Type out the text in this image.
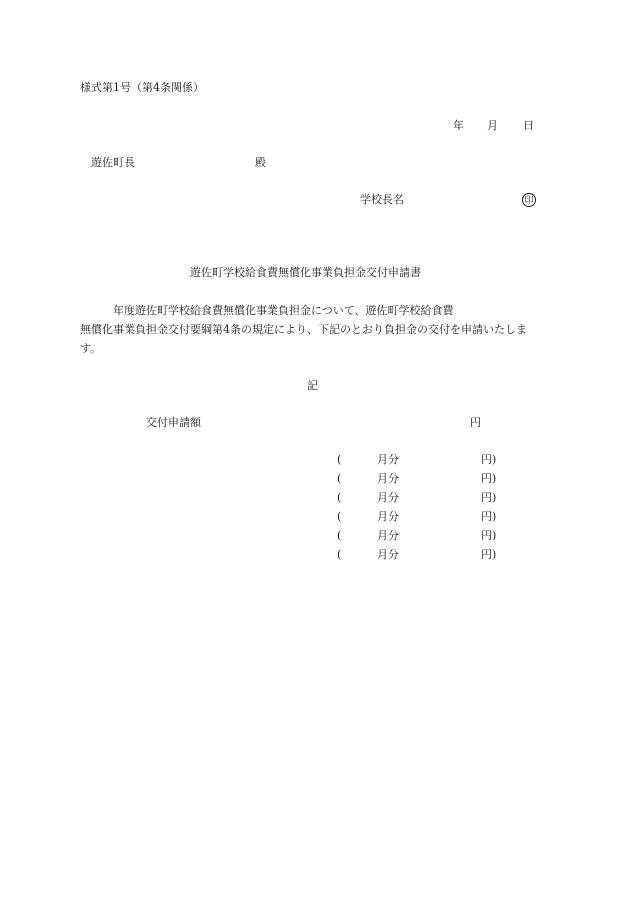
様式第1号（第4条関係）
年 月 日
遊佐町長	殿
学校長名	印
遊佐町学校給食費無償化事業負担金交付申請書
年度遊佐町学校給食費無償化事業負担金について、遊佐町学校給食費
無償化事業負担金交付要綱第4条の規定により、下記のとおり負担金の交付を申請いたしま
す。
記
交付申請額	円
(	月分	円)
(	月分	円)
(	月分	円)
(	月分	円)
(	月分	円)
(	月分	円)
